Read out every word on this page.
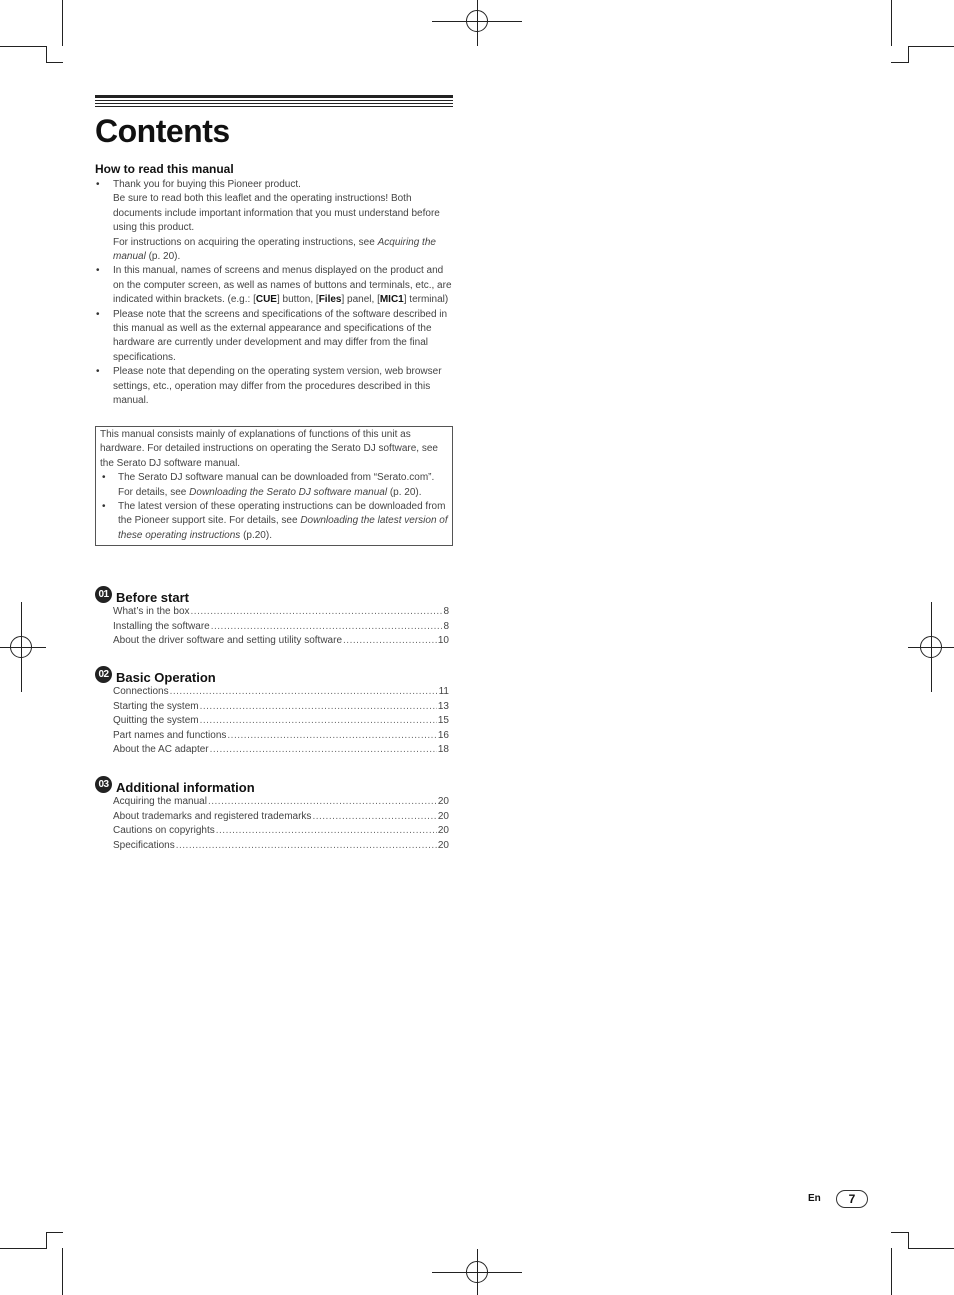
Contents
How to read this manual

• Thank you for buying this Pioneer product.

Be sure to read both this leaflet and the operating instructions! Both documents include important information that you must understand before using this product.

For instructions on acquiring the operating instructions, see Acquiring the manual (p. 20).

• In this manual, names of screens and menus displayed on the product and on the computer screen, as well as names of buttons and terminals, etc., are indicated within brackets. (e.g.: [CUE] button, [Files] panel, [MIC1] terminal)
• Please note that the screens and specifications of the software described in this manual as well as the external appearance and specifications of the hardware are currently under development and may differ from the final specifications.
• Please note that depending on the operating system version, web browser settings, etc., operation may differ from the procedures described in this manual.

This manual consists mainly of explanations of functions of this unit as hardware. For detailed instructions on operating the Serato DJ software, see the Serato DJ software manual.

• The Serato DJ software manual can be downloaded from “Serato.com”. For details, see Downloading the Serato DJ software manual (p. 20).
• The latest version of these operating instructions can be downloaded from the Pioneer support site. For details, see Downloading the latest version of these operating instructions (p.20).
01 Before start
What’s in the box .....	8
Installing the software .....	8
About the driver software and setting utility software .....	10
02 Basic Operation
Connections .....	11
Starting the system .....	13
Quitting the system .....	15
Part names and functions .....	16
About the AC adapter .....	18
03 Additional information
Acquiring the manual .....	20
About trademarks and registered trademarks .....	20
Cautions on copyrights .....	20
Specifications .....	20
En	7
